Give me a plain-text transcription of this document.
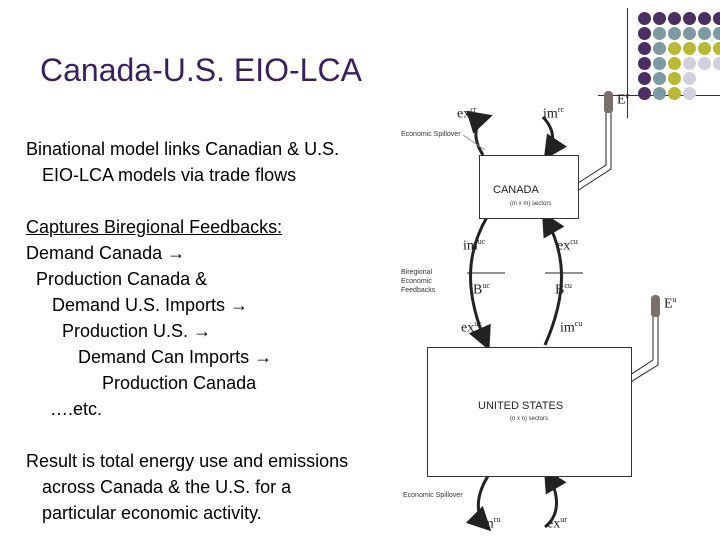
Canada-U.S. EIO-LCA
Binational model links Canadian & U.S.
EIO-LCA models via trade flows
Captures Biregional Feedbacks:
Demand Canada →
Production Canada &
Demand U.S. Imports →
Production U.S. →
Demand Can Imports →
Production Canada
….etc.
Result is total energy use and emissions
across Canada & the U.S. for a
particular economic activity.
Economic Spillover
Biregional
Economic
Feedbacks
Economic Spillover
CANADA
(m x m) sectors
UNITED STATES
(n x n) sectors
$ex^{cr}$	$im^{rc}$
$im^{uc}$	$ex^{cu}$
$ex^{uc}$	$im^{cu}$
$im^{ru}$	$ex^{ur}$
$B^{uc}$	$B^{cu}$
$E^c$
$E^u$
